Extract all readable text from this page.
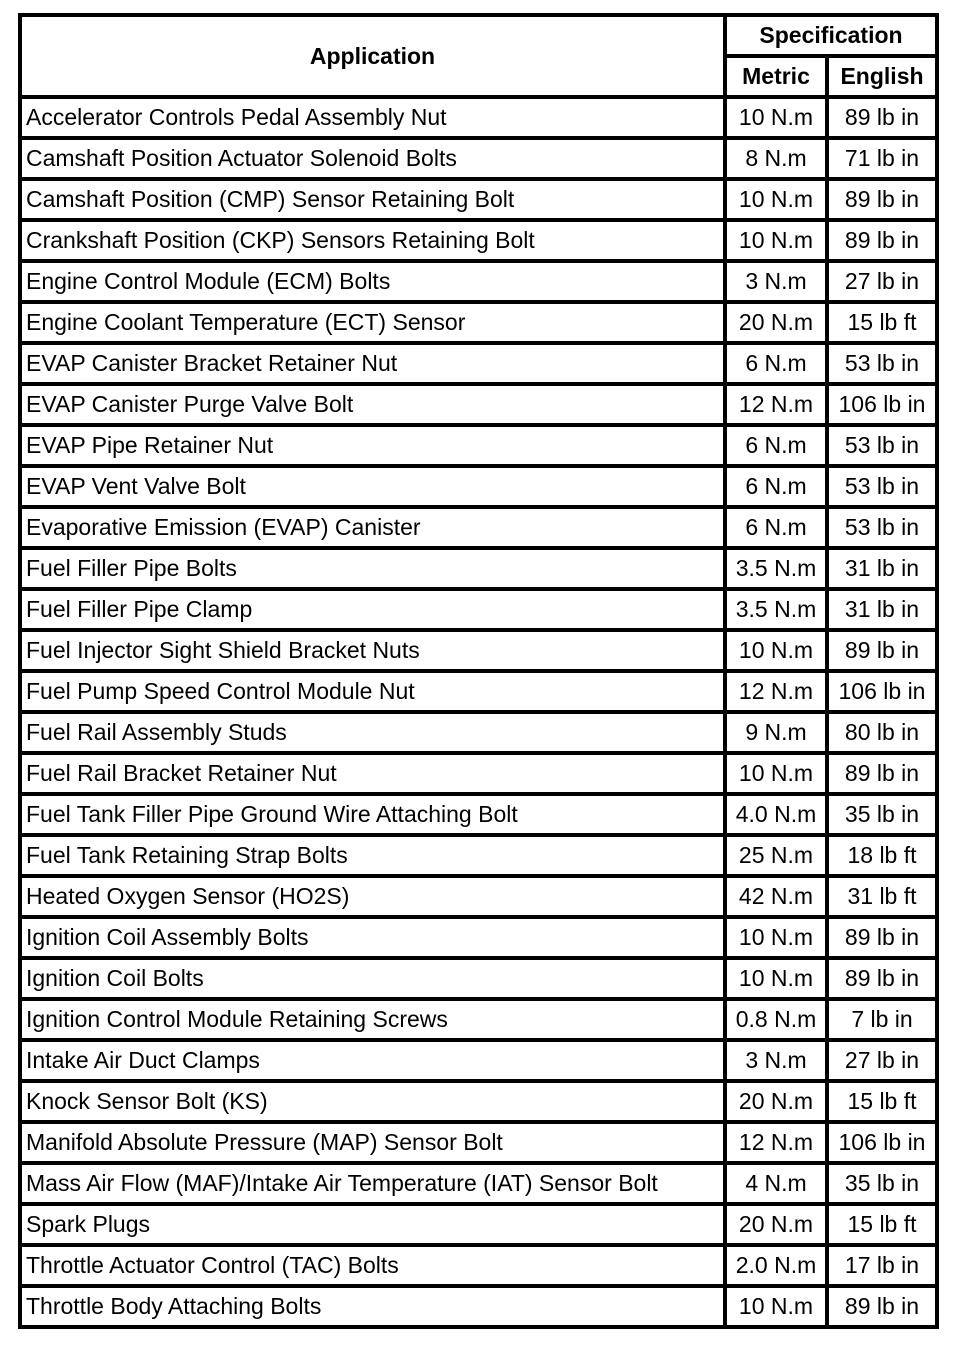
Application	Specification	
	Metric	English
Accelerator Controls Pedal Assembly Nut	10 N.m	89 lb in
Camshaft Position Actuator Solenoid Bolts	8 N.m	71 lb in
Camshaft Position (CMP) Sensor Retaining Bolt	10 N.m	89 lb in
Crankshaft Position (CKP) Sensors Retaining Bolt	10 N.m	89 lb in
Engine Control Module (ECM) Bolts	3 N.m	27 lb in
Engine Coolant Temperature (ECT) Sensor	20 N.m	15 lb ft
EVAP Canister Bracket Retainer Nut	6 N.m	53 lb in
EVAP Canister Purge Valve Bolt	12 N.m	106 lb in
EVAP Pipe Retainer Nut	6 N.m	53 lb in
EVAP Vent Valve Bolt	6 N.m	53 lb in
Evaporative Emission (EVAP) Canister	6 N.m	53 lb in
Fuel Filler Pipe Bolts	3.5 N.m	31 lb in
Fuel Filler Pipe Clamp	3.5 N.m	31 lb in
Fuel Injector Sight Shield Bracket Nuts	10 N.m	89 lb in
Fuel Pump Speed Control Module Nut	12 N.m	106 lb in
Fuel Rail Assembly Studs	9 N.m	80 lb in
Fuel Rail Bracket Retainer Nut	10 N.m	89 lb in
Fuel Tank Filler Pipe Ground Wire Attaching Bolt	4.0 N.m	35 lb in
Fuel Tank Retaining Strap Bolts	25 N.m	18 lb ft
Heated Oxygen Sensor (HO2S)	42 N.m	31 lb ft
Ignition Coil Assembly Bolts	10 N.m	89 lb in
Ignition Coil Bolts	10 N.m	89 lb in
Ignition Control Module Retaining Screws	0.8 N.m	7 lb in
Intake Air Duct Clamps	3 N.m	27 lb in
Knock Sensor Bolt (KS)	20 N.m	15 lb ft
Manifold Absolute Pressure (MAP) Sensor Bolt	12 N.m	106 lb in
Mass Air Flow (MAF)/Intake Air Temperature (IAT) Sensor Bolt	4 N.m	35 lb in
Spark Plugs	20 N.m	15 lb ft
Throttle Actuator Control (TAC) Bolts	2.0 N.m	17 lb in
Throttle Body Attaching Bolts	10 N.m	89 lb in
